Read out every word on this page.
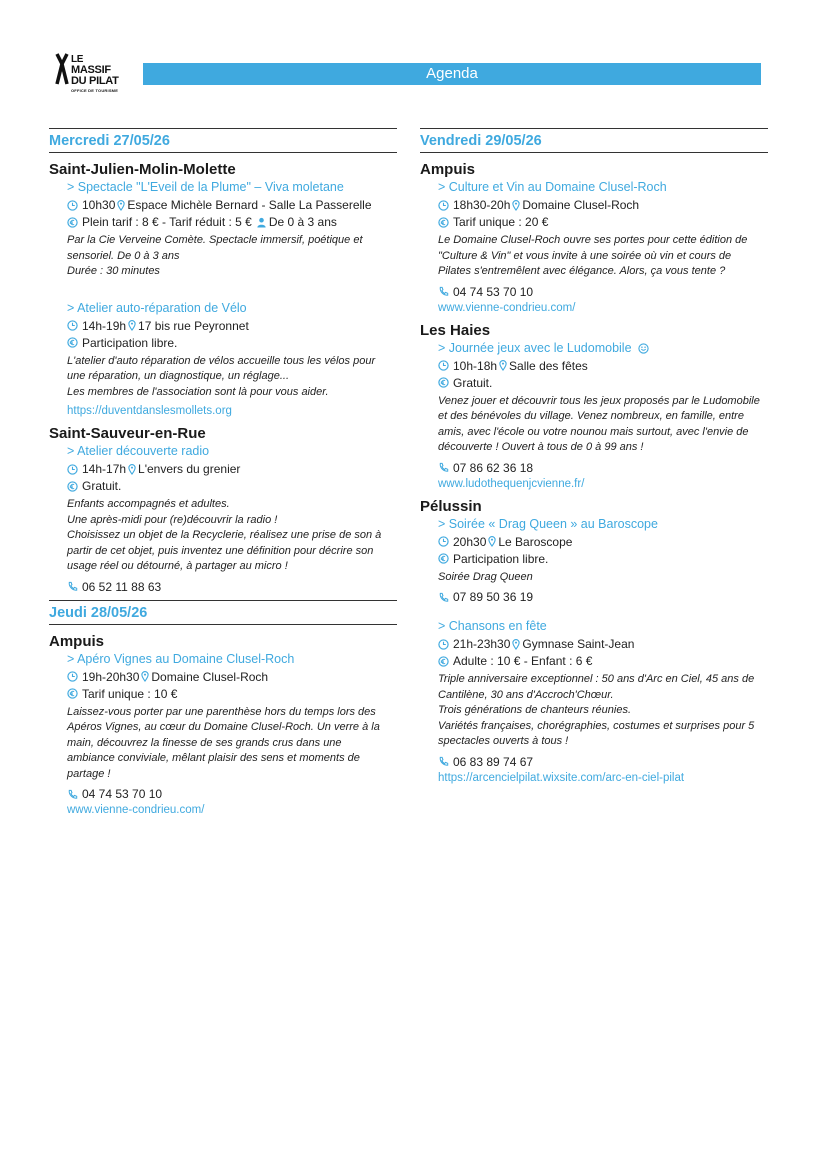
LE
MASSIF
DU PILAT
OFFICE DE TOURISME
Agenda
Mercredi 27/05/26
Saint-Julien-Molin-Molette
> Spectacle "L'Eveil de la Plume" – Viva moletane
10h30 Espace Michèle Bernard - Salle La Passerelle
Plein tarif : 8 € - Tarif réduit : 5 € De 0 à 3 ans
Par la Cie Verveine Comète. Spectacle immersif, poétique et sensoriel. De 0 à 3 ans
Durée : 30 minutes
> Atelier auto-réparation de Vélo
14h-19h 17 bis rue Peyronnet
Participation libre.
L'atelier d'auto réparation de vélos accueille tous les vélos pour une réparation, un diagnostique, un réglage...
Les membres de l'association sont là pour vous aider.
https://duventdanslesmollets.org
Saint-Sauveur-en-Rue
> Atelier découverte radio
14h-17h L'envers du grenier
Gratuit.
Enfants accompagnés et adultes.
Une après-midi pour (re)découvrir la radio !
Choisissez un objet de la Recyclerie, réalisez une prise de son à partir de cet objet, puis inventez une définition pour décrire son usage réel ou détourné, à partager au micro !
06 52 11 88 63
Jeudi 28/05/26
Ampuis
> Apéro Vignes au Domaine Clusel-Roch
19h-20h30 Domaine Clusel-Roch
Tarif unique : 10 €
Laissez-vous porter par une parenthèse hors du temps lors des Apéros Vignes, au cœur du Domaine Clusel-Roch. Un verre à la main, découvrez la finesse de ses grands crus dans une ambiance conviviale, mêlant plaisir des sens et moments de partage !
04 74 53 70 10
www.vienne-condrieu.com/
Vendredi 29/05/26
Ampuis
> Culture et Vin au Domaine Clusel-Roch
18h30-20h Domaine Clusel-Roch
Tarif unique : 20 €
Le Domaine Clusel-Roch ouvre ses portes pour cette édition de "Culture & Vin" et vous invite à une soirée où vin et cours de Pilates s'entremêlent avec élégance. Alors, ça vous tente ?
04 74 53 70 10
www.vienne-condrieu.com/
Les Haies
> Journée jeux avec le Ludomobile
10h-18h Salle des fêtes
Gratuit.
Venez jouer et découvrir tous les jeux proposés par le Ludomobile et des bénévoles du village. Venez nombreux, en famille, entre amis, avec l'école ou votre nounou mais surtout, avec l'envie de découverte ! Ouvert à tous de 0 à 99 ans !
07 86 62 36 18
www.ludothequenjcvienne.fr/
Pélussin
> Soirée « Drag Queen » au Baroscope
20h30 Le Baroscope
Participation libre.
Soirée Drag Queen
07 89 50 36 19
> Chansons en fête
21h-23h30 Gymnase Saint-Jean
Adulte : 10 € - Enfant : 6 €
Triple anniversaire exceptionnel : 50 ans d'Arc en Ciel, 45 ans de Cantilène, 30 ans d'Accroch'Chœur.
Trois générations de chanteurs réunies.
Variétés françaises, chorégraphies, costumes et surprises pour 5 spectacles ouverts à tous !
06 83 89 74 67
https://arcencielpilat.wixsite.com/arc-en-ciel-pilat
